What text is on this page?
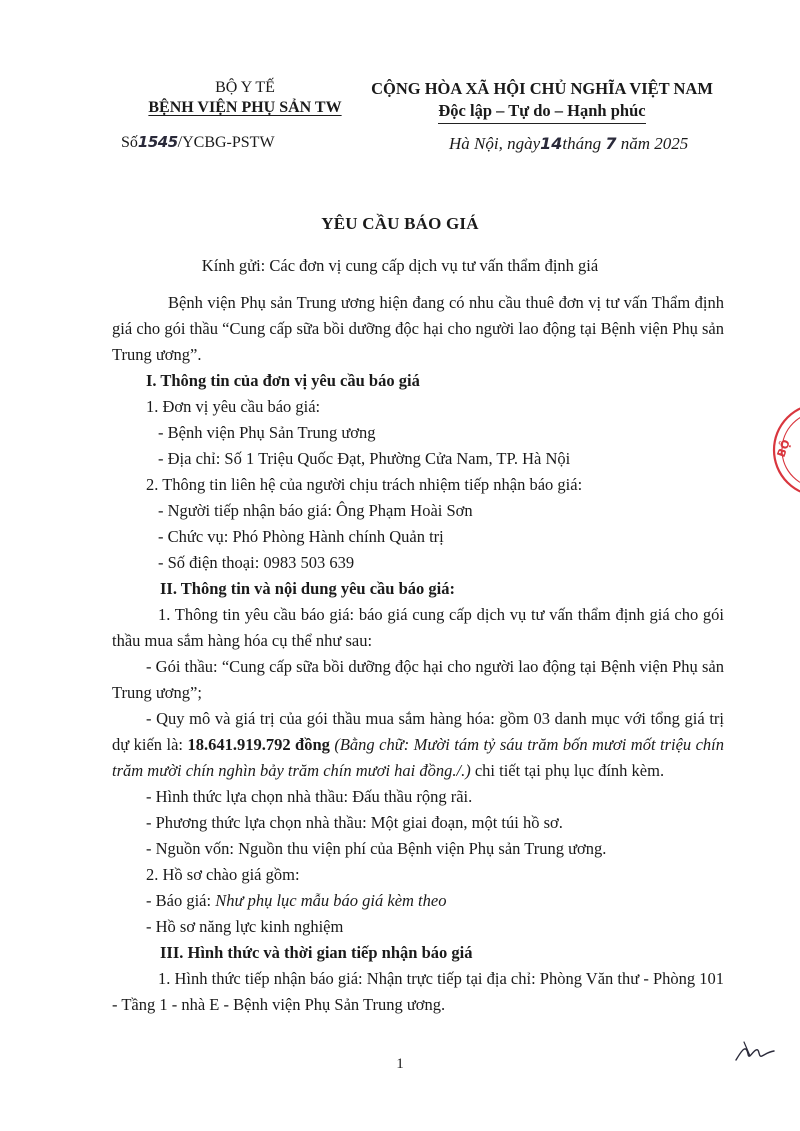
BỘ Y TẾ
BỆNH VIỆN PHỤ SẢN TW
CỘNG HÒA XÃ HỘI CHỦ NGHĨA VIỆT NAM
Độc lập – Tự do – Hạnh phúc
Số1545/YCBG-PSTW	Hà Nội, ngày14tháng 7 năm 2025
YÊU CẦU BÁO GIÁ
Kính gửi: Các đơn vị cung cấp dịch vụ tư vấn thẩm định giá

Bệnh viện Phụ sản Trung ương hiện đang có nhu cầu thuê đơn vị tư vấn Thẩm định giá cho gói thầu “Cung cấp sữa bồi dưỡng độc hại cho người lao động tại Bệnh viện Phụ sản Trung ương”.

I. Thông tin của đơn vị yêu cầu báo giá

1. Đơn vị yêu cầu báo giá:

- Bệnh viện Phụ Sản Trung ương

- Địa chỉ: Số 1 Triệu Quốc Đạt, Phường Cửa Nam, TP. Hà Nội

2. Thông tin liên hệ của người chịu trách nhiệm tiếp nhận báo giá:

- Người tiếp nhận báo giá: Ông Phạm Hoài Sơn

- Chức vụ: Phó Phòng Hành chính Quản trị

- Số điện thoại: 0983 503 639

II. Thông tin và nội dung yêu cầu báo giá:

1. Thông tin yêu cầu báo giá: báo giá cung cấp dịch vụ tư vấn thẩm định giá cho gói thầu mua sắm hàng hóa cụ thể như sau:

- Gói thầu: “Cung cấp sữa bồi dưỡng độc hại cho người lao động tại Bệnh viện Phụ sản Trung ương”;

- Quy mô và giá trị của gói thầu mua sắm hàng hóa: gồm 03 danh mục với tổng giá trị dự kiến là: 18.641.919.792 đồng (Bằng chữ: Mười tám tỷ sáu trăm bốn mươi mốt triệu chín trăm mười chín nghìn bảy trăm chín mươi hai đồng./.) chi tiết tại phụ lục đính kèm.

- Hình thức lựa chọn nhà thầu: Đấu thầu rộng rãi.

- Phương thức lựa chọn nhà thầu: Một giai đoạn, một túi hồ sơ.

- Nguồn vốn: Nguồn thu viện phí của Bệnh viện Phụ sản Trung ương.

2. Hồ sơ chào giá gồm:

- Báo giá: Như phụ lục mẫu báo giá kèm theo

- Hồ sơ năng lực kinh nghiệm

III. Hình thức và thời gian tiếp nhận báo giá

1. Hình thức tiếp nhận báo giá: Nhận trực tiếp tại địa chỉ: Phòng Văn thư - Phòng 101 - Tầng 1 - nhà E - Bệnh viện Phụ Sản Trung ương.

1
BỘ
